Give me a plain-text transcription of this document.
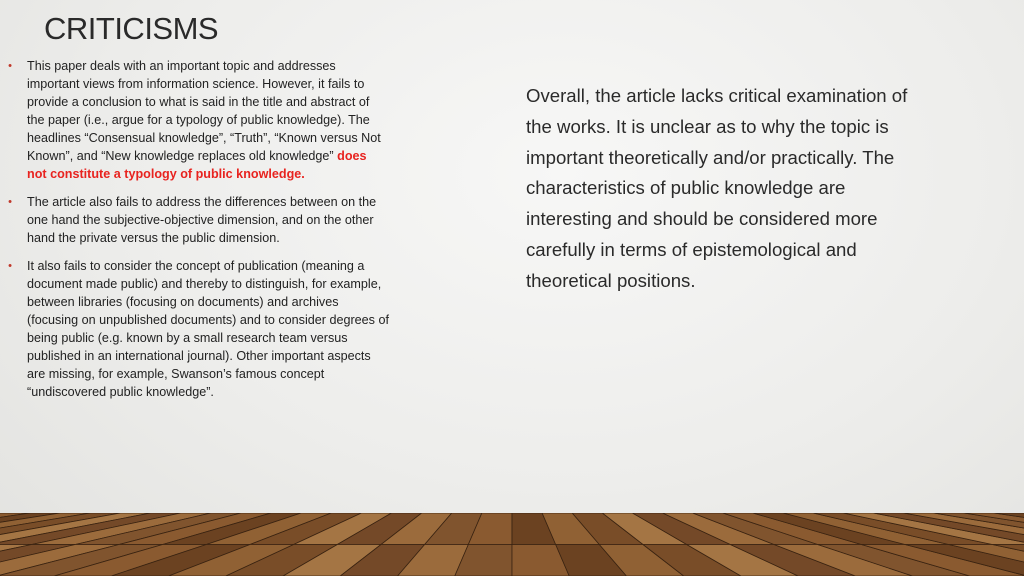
CRITICISMS
• This paper deals with an important topic and addresses important views from information science. However, it fails to provide a conclusion to what is said in the title and abstract of the paper (i.e., argue for a typology of public knowledge). The headlines “Consensual knowledge”, “Truth”, “Known versus Not Known”, and “New knowledge replaces old knowledge” does not constitute a typology of public knowledge.
• The article also fails to address the differences between on the one hand the subjective-objective dimension, and on the other hand the private versus the public dimension.
• It also fails to consider the concept of publication (meaning a document made public) and thereby to distinguish, for example, between libraries (focusing on documents) and archives (focusing on unpublished documents) and to consider degrees of being public (e.g. known by a small research team versus published in an international journal). Other important aspects are missing, for example, Swanson’s famous concept “undiscovered public knowledge”.

Overall, the article lacks critical examination of the works. It is unclear as to why the topic is important theoretically and/or practically. The characteristics of public knowledge are interesting and should be considered more carefully in terms of epistemological and theoretical positions.
